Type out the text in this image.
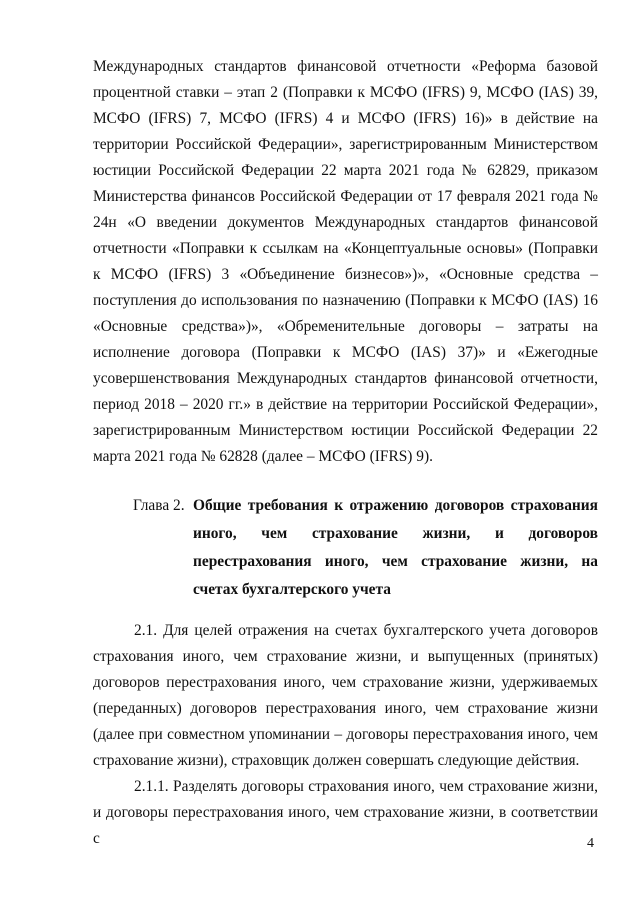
Международных стандартов финансовой отчетности «Реформа базовой процентной ставки – этап 2 (Поправки к МСФО (IFRS) 9, МСФО (IAS) 39, МСФО (IFRS) 7, МСФО (IFRS) 4 и МСФО (IFRS) 16)» в действие на территории Российской Федерации», зарегистрированным Министерством юстиции Российской Федерации 22 марта 2021 года № 62829, приказом Министерства финансов Российской Федерации от 17 февраля 2021 года № 24н «О введении документов Международных стандартов финансовой отчетности «Поправки к ссылкам на «Концептуальные основы» (Поправки к МСФО (IFRS) 3 «Объединение бизнесов»)», «Основные средства – поступления до использования по назначению (Поправки к МСФО (IAS) 16 «Основные средства»)», «Обременительные договоры – затраты на исполнение договора (Поправки к МСФО (IAS) 37)» и «Ежегодные усовершенствования Международных стандартов финансовой отчетности, период 2018 – 2020 гг.» в действие на территории Российской Федерации», зарегистрированным Министерством юстиции Российской Федерации 22 марта 2021 года № 62828 (далее – МСФО (IFRS) 9).

Глава 2. Общие требования к отражению договоров страхования иного, чем страхование жизни, и договоров перестрахования иного, чем страхование жизни, на счетах бухгалтерского учета

2.1. Для целей отражения на счетах бухгалтерского учета договоров страхования иного, чем страхование жизни, и выпущенных (принятых) договоров перестрахования иного, чем страхование жизни, удерживаемых (переданных) договоров перестрахования иного, чем страхование жизни (далее при совместном упоминании – договоры перестрахования иного, чем страхование жизни), страховщик должен совершать следующие действия.

2.1.1. Разделять договоры страхования иного, чем страхование жизни, и договоры перестрахования иного, чем страхование жизни, в соответствии с	4
